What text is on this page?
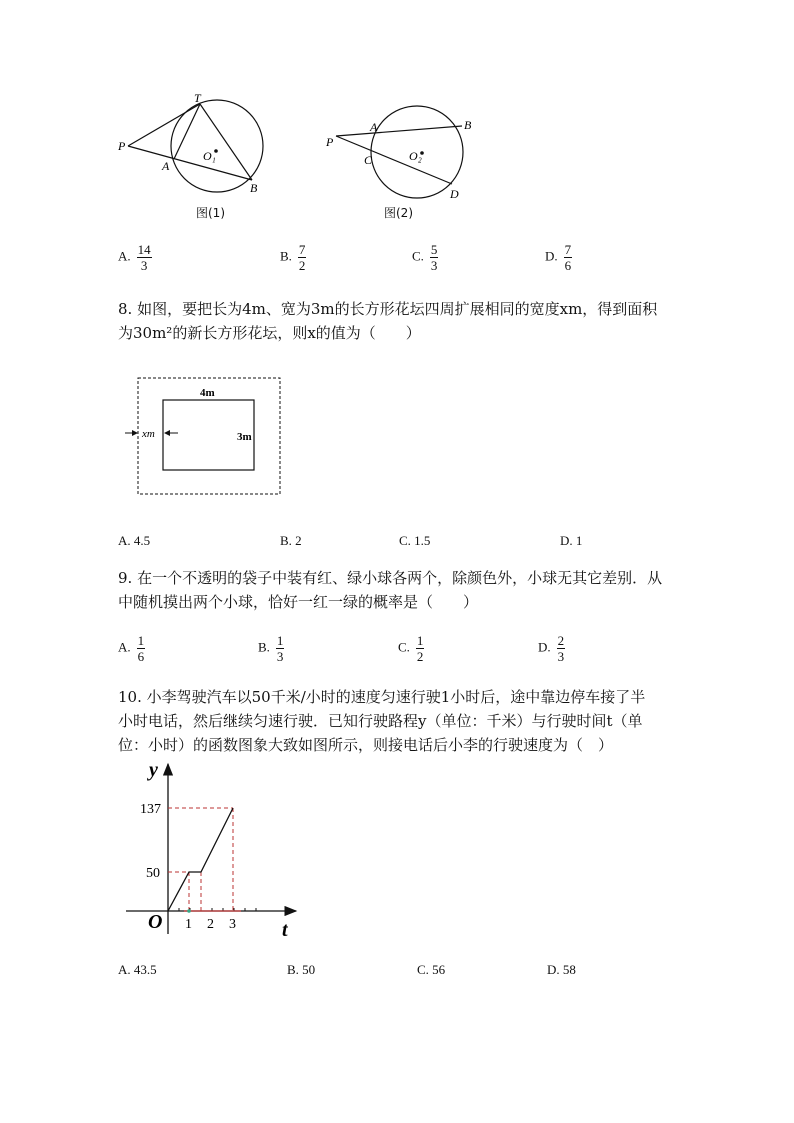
T
P
A
B
O₁
图(1)
P
A	B
C
D
O₂
图(2)
A. $\frac{14}{3}$	B. $\frac{7}{2}$	C. $\frac{5}{3}$	D. $\frac{7}{6}$
8. 如图，要把长为4m、宽为3m的长方形花坛四周扩展相同的宽度xm，得到面积
为30m²的新长方形花坛，则x的值为（　　）
4m
3m
xm
A. 4.5	B. 2	C. 1.5	D. 1
9. 在一个不透明的袋子中装有红、绿小球各两个，除颜色外，小球无其它差别．从
中随机摸出两个小球，恰好一红一绿的概率是（　　）
A. $\frac{1}{6}$	B. $\frac{1}{3}$	C. $\frac{1}{2}$	D. $\frac{2}{3}$
10. 小李驾驶汽车以50千米/小时的速度匀速行驶1小时后，途中靠边停车接了半
小时电话，然后继续匀速行驶．已知行驶路程y（单位：千米）与行驶时间t（单
位：小时）的函数图象大致如图所示，则接电话后小李的行驶速度为（　）
y
t
O
137
50
1 2 3
A. 43.5	B. 50	C. 56	D. 58
